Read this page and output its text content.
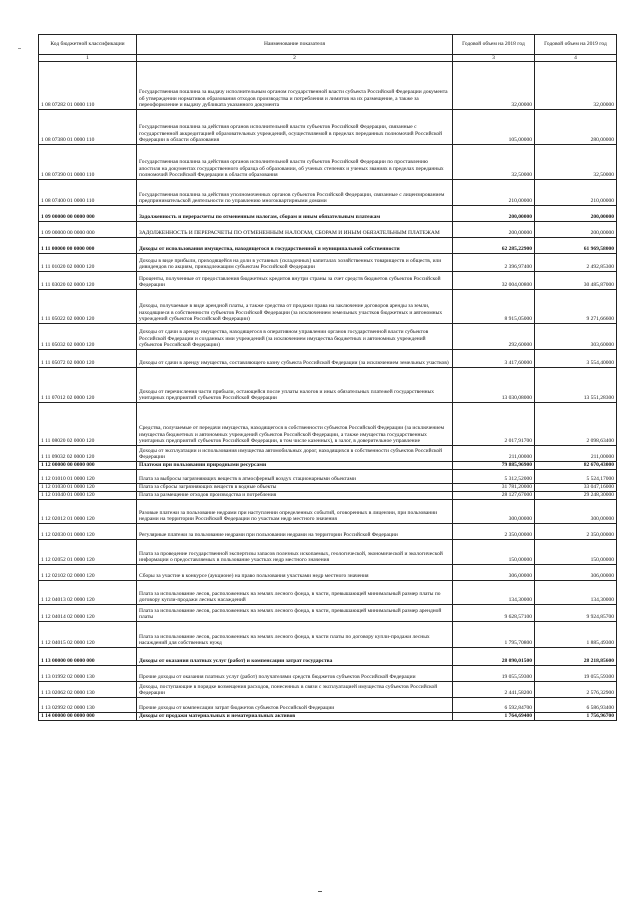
Код бюджетной классификации	Наименование показателя	Годовой объем на 2018 год	Годовой объем на 2019 год
1	2	3	4
1 08 07282 01 0000 110	Государственная пошлина за выдачу исполнительным органом государственной власти субъекта Российской Федерации документа об утверждении нормативов образования отходов производства и потребления и лимитов на их размещение, а также за переоформление и выдачу дубликата указанного документа	32,00000	32,00000
1 08 07380 01 0000 110	Государственная пошлина за действия органов исполнительной власти субъектов Российской Федерации, связанные с государственной аккредитацией образовательных учреждений, осуществляемой в пределах переданных полномочий Российской Федерации в области образования	105,00000	280,00000
1 08 07390 01 0000 110	Государственная пошлина за действия органов исполнительной власти субъектов Российской Федерации по проставлению апостиля на документах государственного образца об образовании, об ученых степенях и ученых званиях в пределах переданных полномочий Российской Федерации в области образования	32,50000	32,50000
1 08 07400 01 0000 110	Государственная пошлина за действия уполномоченных органов субъектов Российской Федерации, связанные с лицензированием предпринимательской деятельности по управлению многоквартирными домами	210,00000	210,00000
1 09 00000 00 0000 000	Задолженность и перерасчеты по отмененным налогам, сборам и иным обязательным платежам	200,00000	200,00000
1 09 00000 00 0000 000	ЗАДОЛЖЕННОСТЬ И ПЕРЕРАСЧЕТЫ ПО ОТМЕНЕННЫМ НАЛОГАМ, СБОРАМ И ИНЫМ ОБЯЗАТЕЛЬНЫМ ПЛАТЕЖАМ	200,00000	200,00000
1 11 00000 00 0000 000	Доходы от использования имущества, находящегося в государственной и муниципальной собственности	62 285,22900	61 969,58000
1 11 01020 02 0000 120	Доходы в виде прибыли, приходящейся на доли в уставных (складочных) капиталах хозяйственных товариществ и обществ, или дивидендов по акциям, принадлежащим субъектам Российской Федерации	2 396,97400	2 492,85300
1 11 03020 02 0000 120	Проценты, полученные от предоставления бюджетных кредитов внутри страны за счет средств бюджетов субъектов Российской Федерации	32 004,00800	30 485,87000
1 11 05022 02 0000 120	Доходы, получаемые в виде арендной платы, а также средства от продажи права на заключение договоров аренды за земли, находящиеся в собственности субъектов Российской Федерации (за исключением земельных участков бюджетных и автономных учреждений субъектов Российской Федерации)	8 915,05000	9 271,66600
1 11 05032 02 0000 120	Доходы от сдачи в аренду имущества, находящегося в оперативном управлении органов государственной власти субъектов Российской Федерации и созданных ими учреждений (за исключением имущества бюджетных и автономных учреждений субъектов Российской Федерации)	292,60000	303,60000
1 11 05072 02 0000 120	Доходы от сдачи в аренду имущества, составляющего казну субъекта Российской Федерации (за исключением земельных участков)	3 417,60000	3 554,40000
1 11 07012 02 0000 120	Доходы от перечисления части прибыли, остающейся после уплаты налогов и иных обязательных платежей государственных унитарных предприятий субъектов Российской Федерации	13 030,08000	13 551,28300
1 11 08020 02 0000 120	Средства, получаемые от передачи имущества, находящегося в собственности субъектов Российской Федерации (за исключением имущества бюджетных и автономных учреждений субъектов Российской Федерации, а также имущества государственных унитарных предприятий субъектов Российской Федерации, в том числе казенных), в залог, в доверительное управление	2 017,91700	2 098,63400
1 11 09032 02 0000 120	Доходы от эксплуатации и использования имущества автомобильных дорог, находящихся в собственности субъектов Российской Федерации	211,00000	211,00000
1 12 00000 00 0000 000	Платежи при пользовании природными ресурсами	79 885,96900	82 670,43000
1 12 01010 01 0000 120	Плата за выбросы загрязняющих веществ в атмосферный воздух стационарными объектами	5 312,52000	5 524,17000
1 12 01030 01 0000 120	Плата за сбросы загрязняющих веществ в водные объекты	31 781,20000	33 047,16000
1 12 01040 01 0000 120	Плата за размещение отходов производства и потребления	28 127,67000	29 248,30000
1 12 02012 01 0000 120	Разовые платежи за пользование недрами при наступлении определенных событий, оговоренных в лицензии, при пользовании недрами на территории Российской Федерации по участкам недр местного значения	300,00000	300,00000
1 12 02030 01 0000 120	Регулярные платежи за пользование недрами при пользовании недрами на территории Российской Федерации	2 350,00000	2 350,00000
1 12 02052 01 0000 120	Плата за проведение государственной экспертизы запасов полезных ископаемых, геологической, экономической и экологической информации о предоставляемых в пользование участках недр местного значения	150,00000	150,00000
1 12 02102 02 0000 120	Сборы за участие в конкурсе (аукционе) на право пользования участками недр местного значения	306,00000	306,00000
1 12 04013 02 0000 120	Плата за использование лесов, расположенных на землях лесного фонда, в части, превышающей минимальный размер платы по договору купли-продажи лесных насаждений	134,30000	134,30000
1 12 04014 02 0000 120	Плата за использование лесов, расположенных на землях лесного фонда, в части, превышающей минимальный размер арендной платы	9 628,57100	9 924,85700
1 12 04015 02 0000 120	Плата за использование лесов, расположенных на землях лесного фонда, в части платы по договору купли-продажи лесных насаждений для собственных нужд	1 795,70800	1 885,49300
1 13 00000 00 0000 000	Доходы от оказания платных услуг (работ) и компенсации затрат государства	28 090,01500	28 218,85600
1 13 01992 02 0000 130	Прочие доходы от оказания платных услуг (работ) получателями средств бюджетов субъектов Российской Федерации	19 055,59300	19 055,59300
1 13 02062 02 0000 130	Доходы, поступающие в порядке возмещения расходов, понесенных в связи с эксплуатацией имущества субъектов Российской Федерации	2 441,58200	2 576,32900
1 13 02992 02 0000 130	Прочие доходы от компенсации затрат бюджетов субъектов Российской Федерации	6 592,84700	6 586,93400
1 14 00000 00 0000 000	Доходы от продажи материальных и нематериальных активов	1 764,69400	1 756,96700
